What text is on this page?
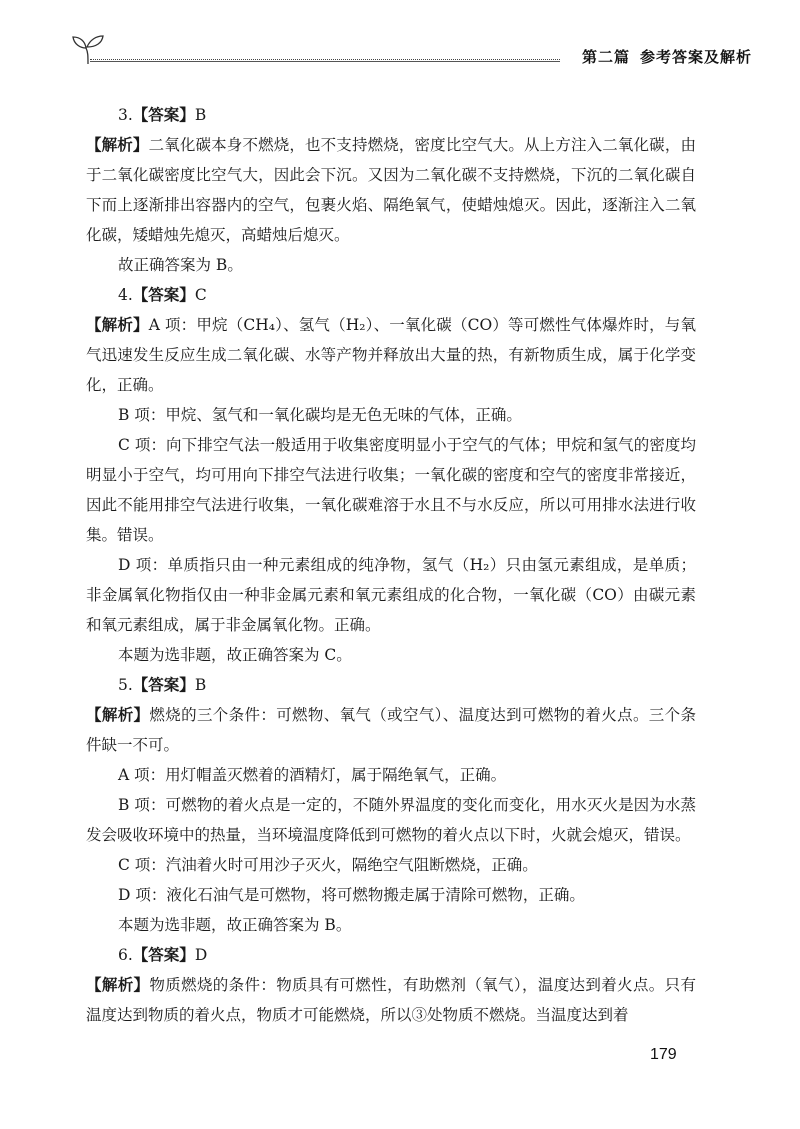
第二篇 参考答案及解析

3.【答案】B

【解析】二氧化碳本身不燃烧，也不支持燃烧，密度比空气大。从上方注入二氧化碳，由于二氧化碳密度比空气大，因此会下沉。又因为二氧化碳不支持燃烧，下沉的二氧化碳自下而上逐渐排出容器内的空气，包裹火焰、隔绝氧气，使蜡烛熄灭。因此，逐渐注入二氧化碳，矮蜡烛先熄灭，高蜡烛后熄灭。

故正确答案为 B。

4.【答案】C

【解析】A 项：甲烷（CH₄）、氢气（H₂）、一氧化碳（CO）等可燃性气体爆炸时，与氧气迅速发生反应生成二氧化碳、水等产物并释放出大量的热，有新物质生成，属于化学变化，正确。

B 项：甲烷、氢气和一氧化碳均是无色无味的气体，正确。

C 项：向下排空气法一般适用于收集密度明显小于空气的气体；甲烷和氢气的密度均明显小于空气，均可用向下排空气法进行收集；一氧化碳的密度和空气的密度非常接近，因此不能用排空气法进行收集，一氧化碳难溶于水且不与水反应，所以可用排水法进行收集。错误。

D 项：单质指只由一种元素组成的纯净物，氢气（H₂）只由氢元素组成，是单质；非金属氧化物指仅由一种非金属元素和氧元素组成的化合物，一氧化碳（CO）由碳元素和氧元素组成，属于非金属氧化物。正确。

本题为选非题，故正确答案为 C。

5.【答案】B

【解析】燃烧的三个条件：可燃物、氧气（或空气）、温度达到可燃物的着火点。三个条件缺一不可。

A 项：用灯帽盖灭燃着的酒精灯，属于隔绝氧气，正确。

B 项：可燃物的着火点是一定的，不随外界温度的变化而变化，用水灭火是因为水蒸发会吸收环境中的热量，当环境温度降低到可燃物的着火点以下时，火就会熄灭，错误。

C 项：汽油着火时可用沙子灭火，隔绝空气阻断燃烧，正确。

D 项：液化石油气是可燃物，将可燃物搬走属于清除可燃物，正确。

本题为选非题，故正确答案为 B。

6.【答案】D

【解析】物质燃烧的条件：物质具有可燃性，有助燃剂（氧气），温度达到着火点。只有温度达到物质的着火点，物质才可能燃烧，所以③处物质不燃烧。当温度达到着

179
